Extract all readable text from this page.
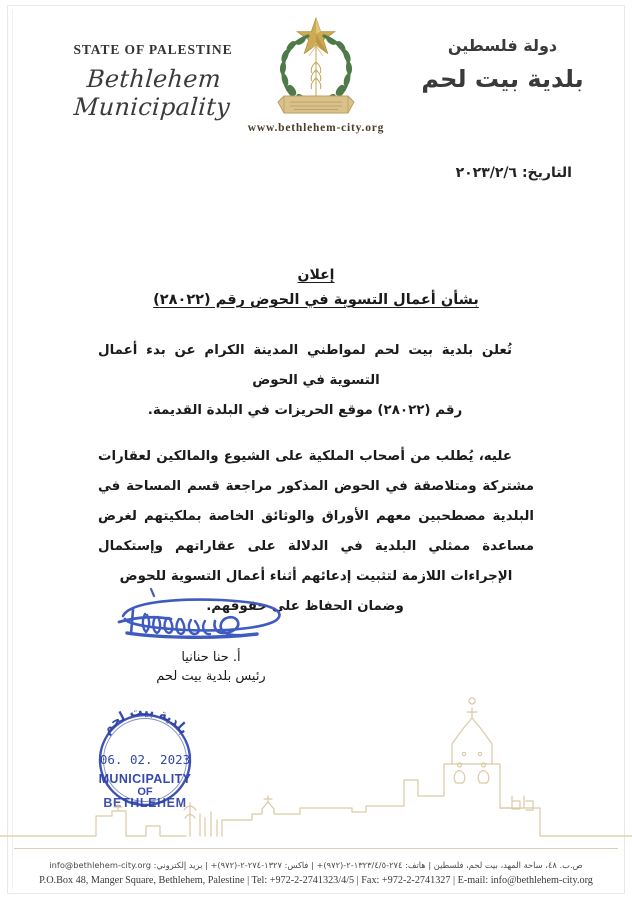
STATE OF PALESTINE
Bethlehem Municipality
www.bethlehem-city.org
دولة فلسطين
بلدية بيت لحم
التاريخ: ٢٠٢٣/٢/٦
إعلان
بشأن أعمال التسوية في الحوض رقم (٢٨٠٢٢)

تُعلن بلدية بيت لحم لمواطني المدينة الكرام عن بدء أعمال التسوية في الحوض
رقم (٢٨٠٢٢) موقع الحريزات في البلدة القديمة.

عليه، يُطلب من أصحاب الملكية على الشيوع والمالكين لعقارات مشتركة ومتلاصقة في الحوض المذكور مراجعة قسم المساحة في البلدية مصطحبين معهم الأوراق والوثائق الخاصة بملكيتهم لغرض مساعدة ممثلي البلدية في الدلالة على عقاراتهم وإستكمال الإجراءات اللازمة لتثبيت إدعائهم أثناء أعمال التسوية للحوض
وضمان الحفاظ على حقوقهم.

أ. حنا حنانيا
رئيس بلدية بيت لحم
بلدية بيت لحم
06. 02. 2023
MUNICIPALITY
OF
BETHLEHEM
ص.ب. ٤٨، ساحة المهد، بيت لحم، فلسطين | هاتف: ٢٧٤-١٣٢٣/٤/٥-٢-(٩٧٢)+ | فاكس: ١٣٢٧-٢٧٤-٢-(٩٧٢)+ | بريد إلكتروني: info@bethlehem-city.org
P.O.Box 48, Manger Square, Bethlehem, Palestine | Tel: +972-2-2741323/4/5 | Fax: +972-2-2741327 | E-mail: info@bethlehem-city.org
